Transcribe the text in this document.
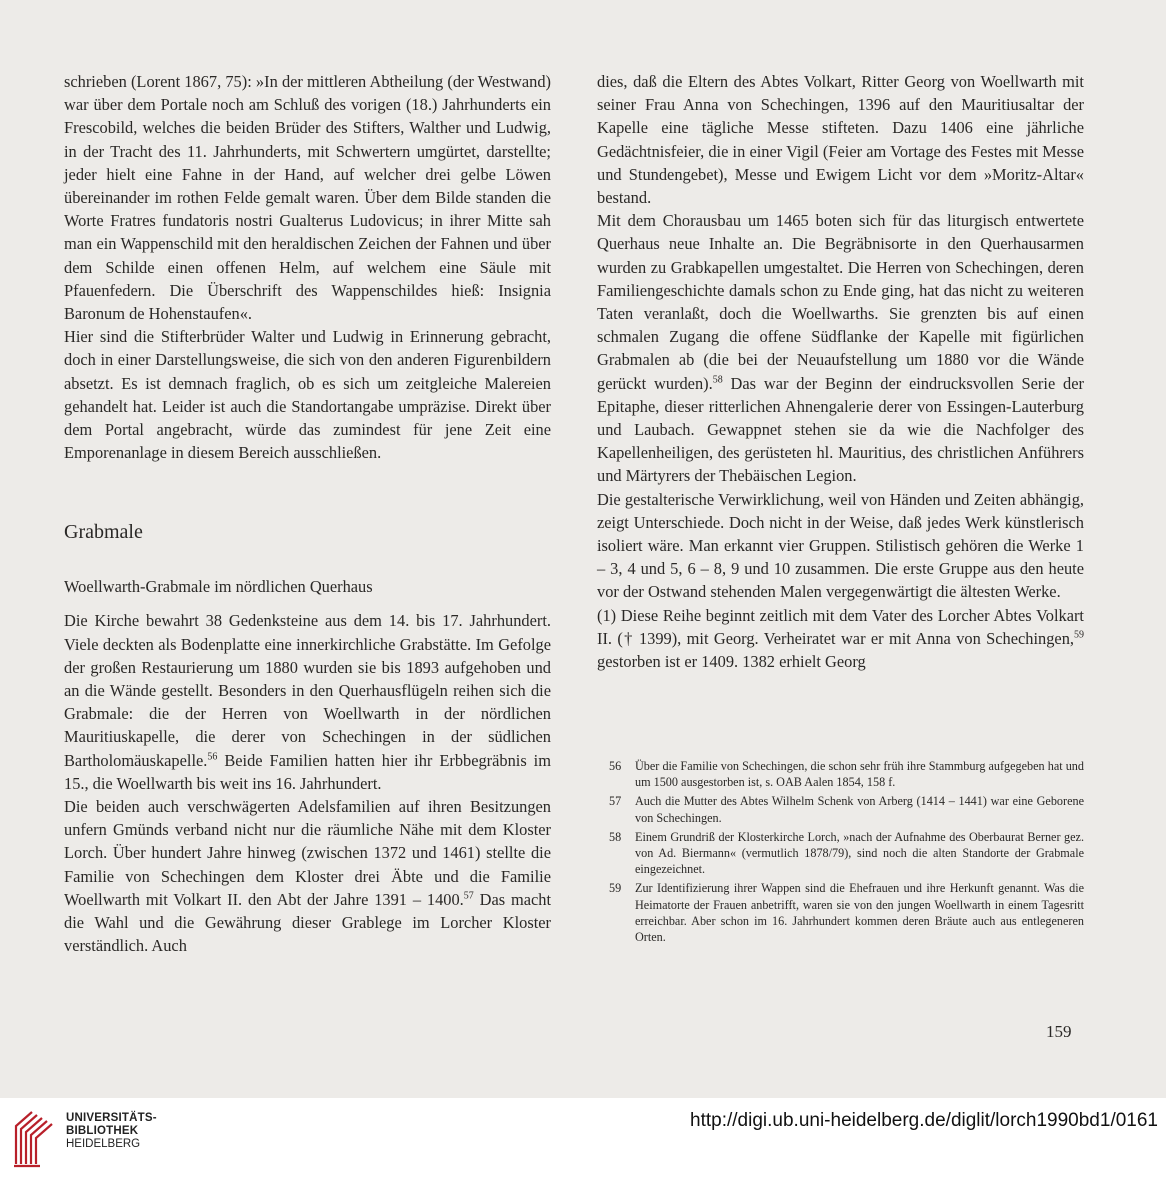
schrieben (Lorent 1867, 75): »In der mittleren Abtheilung (der Westwand) war über dem Portale noch am Schluß des vorigen (18.) Jahrhunderts ein Frescobild, welches die beiden Brüder des Stifters, Walther und Ludwig, in der Tracht des 11. Jahrhunderts, mit Schwertern umgürtet, darstellte; jeder hielt eine Fahne in der Hand, auf welcher drei gelbe Löwen übereinander im rothen Felde gemalt waren. Über dem Bilde standen die Worte Fratres fundatoris nostri Gualterus Ludovicus; in ihrer Mitte sah man ein Wappenschild mit den heraldischen Zeichen der Fahnen und über dem Schilde einen offenen Helm, auf welchem eine Säule mit Pfauenfedern. Die Überschrift des Wappenschildes hieß: Insignia Baronum de Hohenstaufen«.

Hier sind die Stifterbrüder Walter und Ludwig in Erinnerung gebracht, doch in einer Darstellungsweise, die sich von den anderen Figurenbildern absetzt. Es ist demnach fraglich, ob es sich um zeitgleiche Malereien gehandelt hat. Leider ist auch die Standortangabe umpräzise. Direkt über dem Portal angebracht, würde das zumindest für jene Zeit eine Emporenanlage in diesem Bereich ausschließen.

Grabmale
Woellwarth-Grabmale im nördlichen Querhaus

Die Kirche bewahrt 38 Gedenksteine aus dem 14. bis 17. Jahrhundert. Viele deckten als Bodenplatte eine innerkirchliche Grabstätte. Im Gefolge der großen Restaurierung um 1880 wurden sie bis 1893 aufgehoben und an die Wände gestellt. Besonders in den Querhausflügeln reihen sich die Grabmale: die der Herren von Woellwarth in der nördlichen Mauritiuskapelle, die derer von Schechingen in der südlichen Bartholomäuskapelle.$^{56}$ Beide Familien hatten hier ihr Erbbegräbnis im 15., die Woellwarth bis weit ins 16. Jahrhundert.

Die beiden auch verschwägerten Adelsfamilien auf ihren Besitzungen unfern Gmünds verband nicht nur die räumliche Nähe mit dem Kloster Lorch. Über hundert Jahre hinweg (zwischen 1372 und 1461) stellte die Familie von Schechingen dem Kloster drei Äbte und die Familie Woellwarth mit Volkart II. den Abt der Jahre 1391 – 1400.57 Das macht die Wahl und die Gewährung dieser Grablege im Lorcher Kloster verständlich. Auch

dies, daß die Eltern des Abtes Volkart, Ritter Georg von Woellwarth mit seiner Frau Anna von Schechingen, 1396 auf den Mauritiusaltar der Kapelle eine tägliche Messe stifteten. Dazu 1406 eine jährliche Gedächtnisfeier, die in einer Vigil (Feier am Vortage des Festes mit Messe und Stundengebet), Messe und Ewigem Licht vor dem »Moritz-Altar« bestand.

Mit dem Chorausbau um 1465 boten sich für das liturgisch entwertete Querhaus neue Inhalte an. Die Begräbnisorte in den Querhausarmen wurden zu Grabkapellen umgestaltet. Die Herren von Schechingen, deren Familiengeschichte damals schon zu Ende ging, hat das nicht zu weiteren Taten veranlaßt, doch die Woellwarths. Sie grenzten bis auf einen schmalen Zugang die offene Südflanke der Kapelle mit figürlichen Grabmalen ab (die bei der Neuaufstellung um 1880 vor die Wände gerückt wurden).$^{58}$ Das war der Beginn der eindrucksvollen Serie der Epitaphe, dieser ritterlichen Ahnengalerie derer von Essingen-Lauterburg und Laubach. Gewappnet stehen sie da wie die Nachfolger des Kapellenheiligen, des gerüsteten hl. Mauritius, des christlichen Anführers und Märtyrers der Thebäischen Legion.

Die gestalterische Verwirklichung, weil von Händen und Zeiten abhängig, zeigt Unterschiede. Doch nicht in der Weise, daß jedes Werk künstlerisch isoliert wäre. Man erkannt vier Gruppen. Stilistisch gehören die Werke 1 – 3, 4 und 5, 6 – 8, 9 und 10 zusammen. Die erste Gruppe aus den heute vor der Ostwand stehenden Malen vergegenwärtigt die ältesten Werke.

(1) Diese Reihe beginnt zeitlich mit dem Vater des Lorcher Abtes Volkart II. († 1399), mit Georg. Verheiratet war er mit Anna von Schechingen,$^{59}$ gestorben ist er 1409. 1382 erhielt Georg

56	Über die Familie von Schechingen, die schon sehr früh ihre Stammburg aufgegeben hat und um 1500 ausgestorben ist, s. OAB Aalen 1854, 158 f.
57	Auch die Mutter des Abtes Wilhelm Schenk von Arberg (1414 – 1441) war eine Geborene von Schechingen.
58	Einem Grundriß der Klosterkirche Lorch, »nach der Aufnahme des Oberbaurat Berner gez. von Ad. Biermann« (vermutlich 1878/79), sind noch die alten Standorte der Grabmale eingezeichnet.
59	Zur Identifizierung ihrer Wappen sind die Ehefrauen und ihre Herkunft genannt. Was die Heimatorte der Frauen anbetrifft, waren sie von den jungen Woellwarth in einem Tagesritt erreichbar. Aber schon im 16. Jahrhundert kommen deren Bräute auch aus entlegeneren Orten.
159
UNIVERSITÄTS-
BIBLIOTHEK
HEIDELBERG
http://digi.ub.uni-heidelberg.de/diglit/lorch1990bd1/0161
